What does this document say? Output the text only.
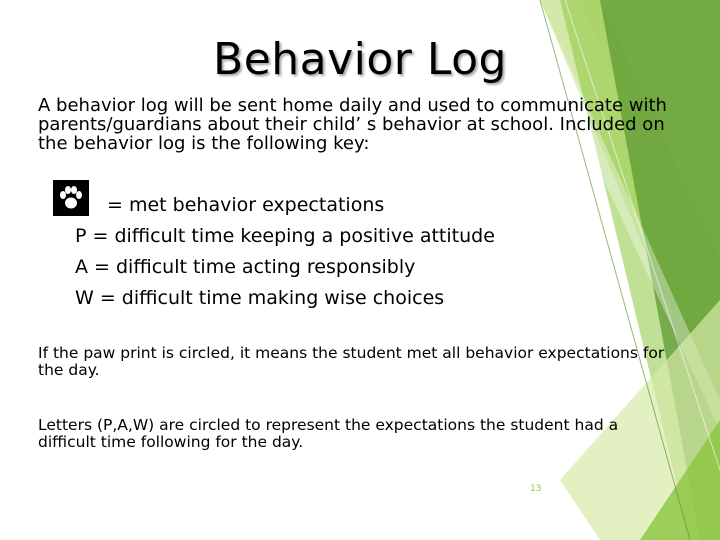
Behavior Log
A behavior log will be sent home daily and used to communicate with parents/guardians about their child’ s behavior at school. Included on the behavior log is the following key:
= met behavior expectations
P = difficult time keeping a positive attitude
A = difficult time acting responsibly
W = difficult time making wise choices
If the paw print is circled, it means the student met all behavior expectations for the day.
Letters (P,A,W) are circled to represent the expectations the student had a difficult time following for the day.
13
